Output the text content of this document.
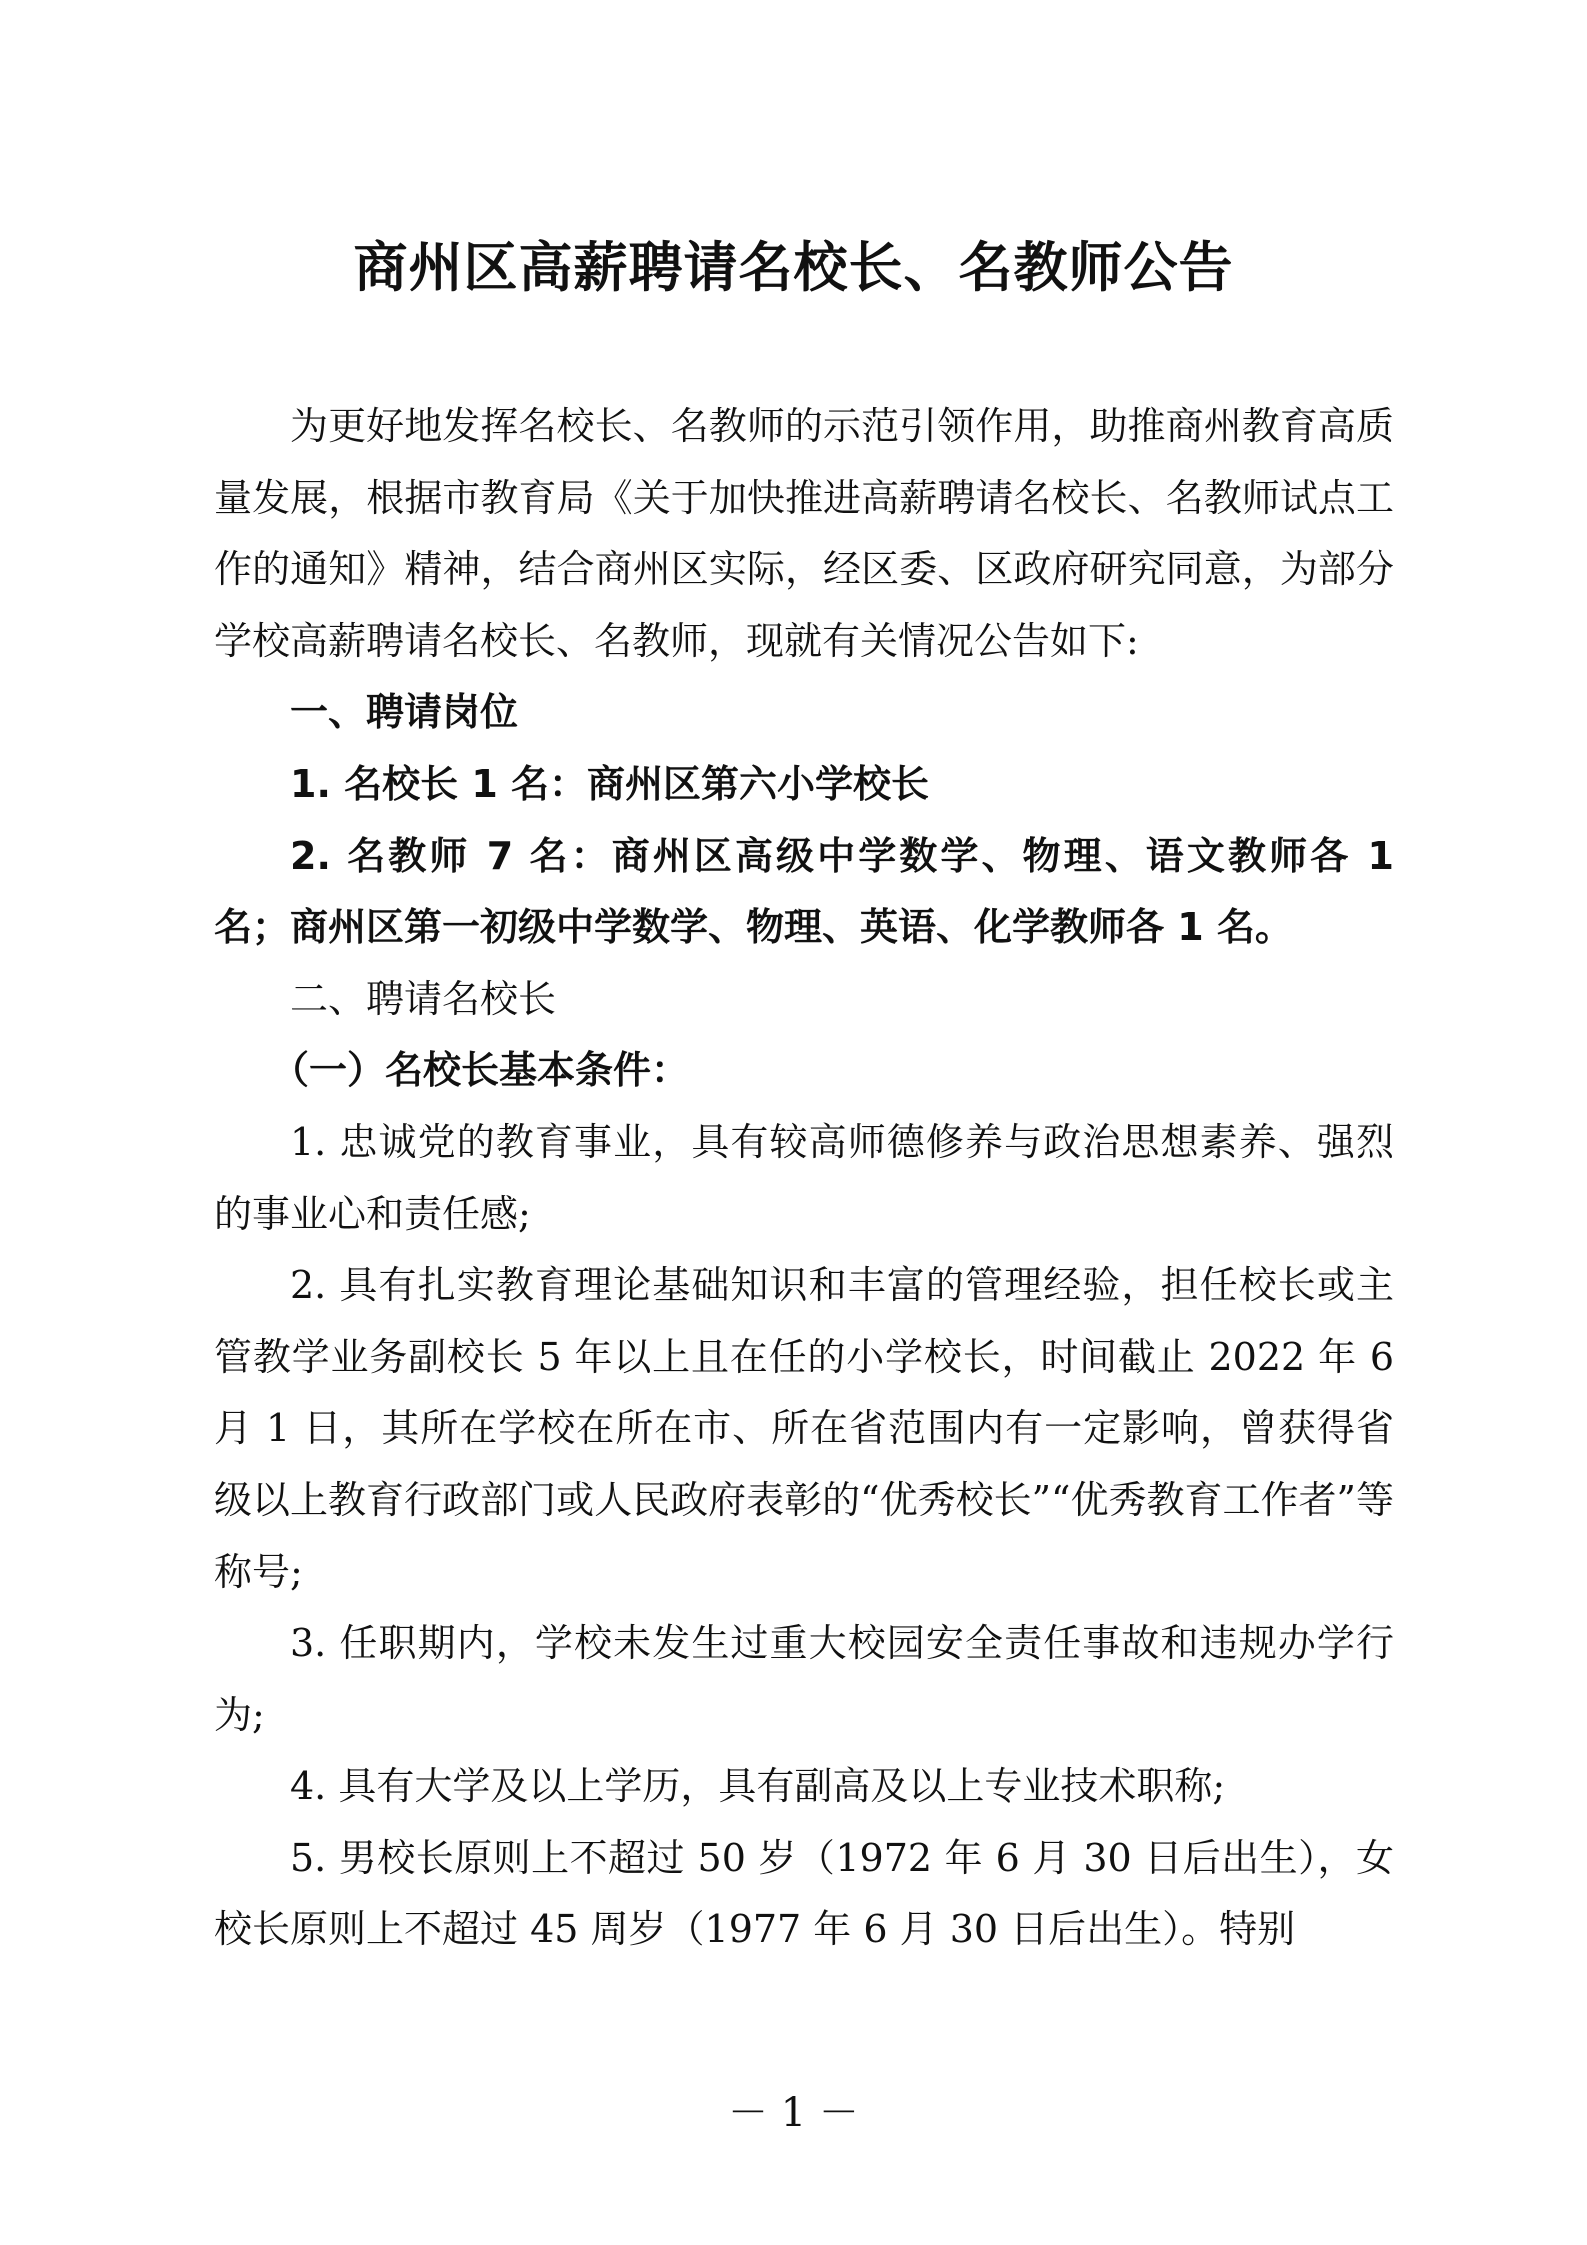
商州区高薪聘请名校长、名教师公告

为更好地发挥名校长、名教师的示范引领作用，助推商州教育高质量发展，根据市教育局《关于加快推进高薪聘请名校长、名教师试点工作的通知》精神，结合商州区实际，经区委、区政府研究同意，为部分学校高薪聘请名校长、名教师，现就有关情况公告如下:

一、聘请岗位

1. 名校长 1 名：商州区第六小学校长

2. 名教师 7 名：商州区高级中学数学、物理、语文教师各 1 名；商州区第一初级中学数学、物理、英语、化学教师各 1 名。

二、聘请名校长

（一）名校长基本条件：

1. 忠诚党的教育事业，具有较高师德修养与政治思想素养、强烈的事业心和责任感;

2. 具有扎实教育理论基础知识和丰富的管理经验，担任校长或主管教学业务副校长 5 年以上且在任的小学校长，时间截止 2022 年 6 月 1 日，其所在学校在所在市、所在省范围内有一定影响，曾获得省级以上教育行政部门或人民政府表彰的“优秀校长”“优秀教育工作者”等称号;

3. 任职期内，学校未发生过重大校园安全责任事故和违规办学行为;

4. 具有大学及以上学历，具有副高及以上专业技术职称;

5. 男校长原则上不超过 50 岁（1972 年 6 月 30 日后出生），女校长原则上不超过 45 周岁（1977 年 6 月 30 日后出生）。特别

－ 1 －
